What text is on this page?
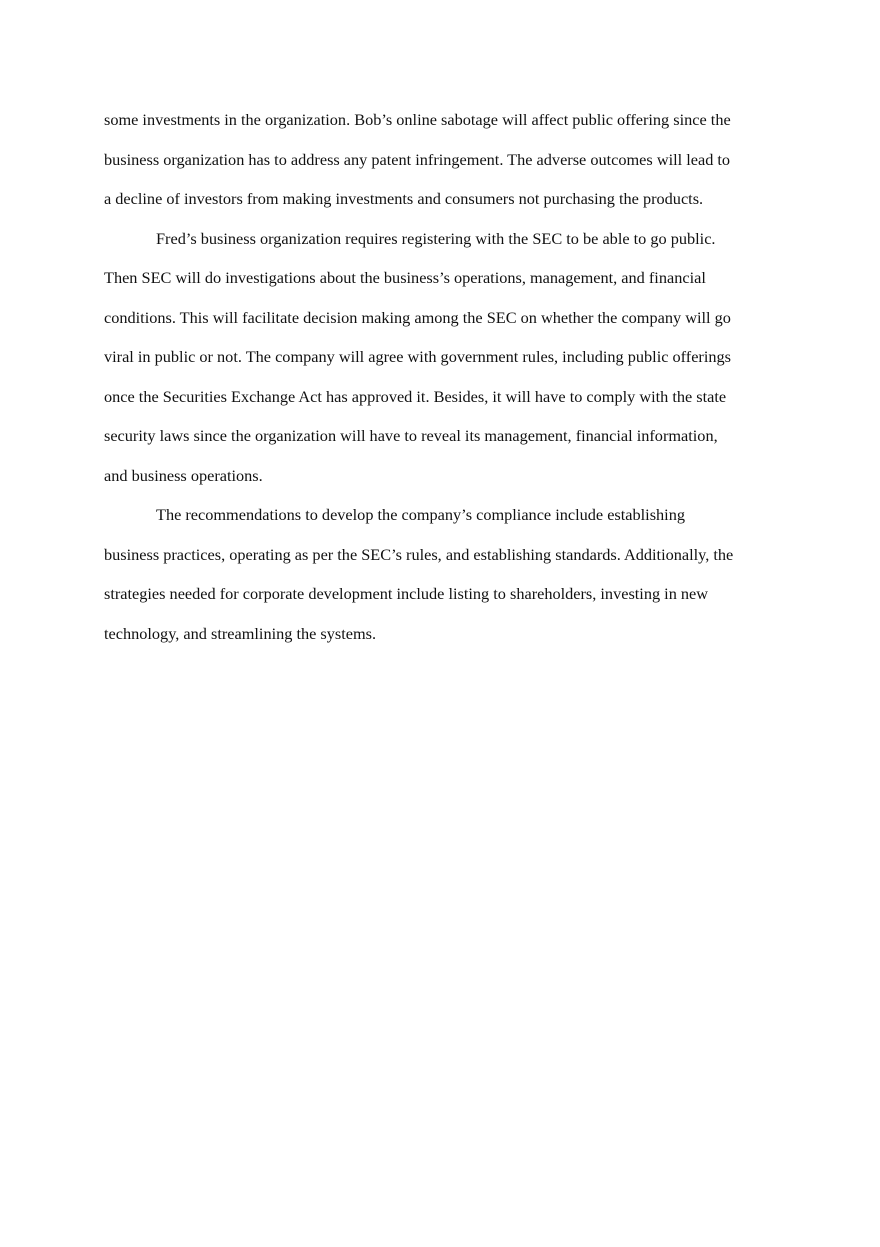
some investments in the organization. Bob’s online sabotage will affect public offering since the
business organization has to address any patent infringement. The adverse outcomes will lead to
a decline of investors from making investments and consumers not purchasing the products.
Fred’s business organization requires registering with the SEC to be able to go public.
Then SEC will do investigations about the business’s operations, management, and financial
conditions. This will facilitate decision making among the SEC on whether the company will go
viral in public or not. The company will agree with government rules, including public offerings
once the Securities Exchange Act has approved it. Besides, it will have to comply with the state
security laws since the organization will have to reveal its management, financial information,
and business operations.
The recommendations to develop the company’s compliance include establishing
business practices, operating as per the SEC’s rules, and establishing standards. Additionally, the
strategies needed for corporate development include listing to shareholders, investing in new
technology, and streamlining the systems.
